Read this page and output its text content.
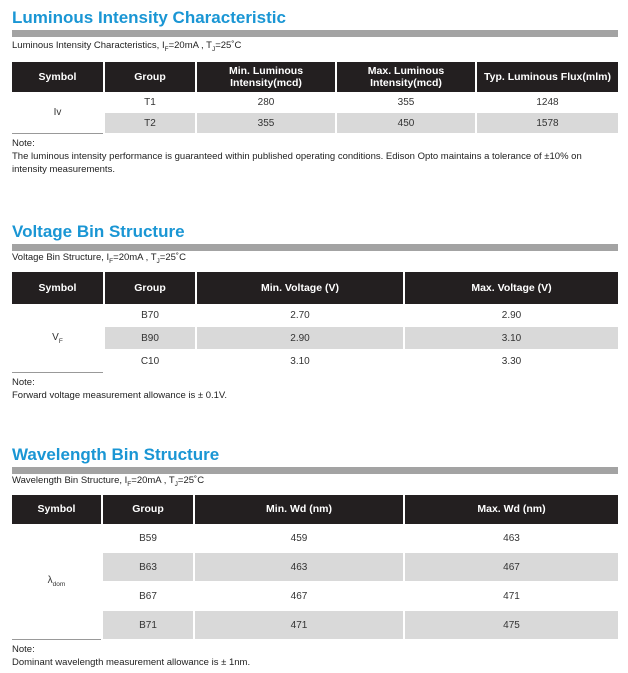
Luminous Intensity Characteristic
Luminous Intensity Characteristics, $I_F=20mA$ , $T_J=25˚C$
Symbol	Group	Min. Luminous Intensity(mcd)	Max. Luminous Intensity(mcd)	Typ. Luminous Flux(mlm)
Iv	T1	280	355	1248
	T2	355	450	1578
Note:
The luminous intensity performance is guaranteed within published operating conditions. Edison Opto maintains a tolerance of ±10% on intensity measurements.
Voltage Bin Structure
Voltage Bin Structure, $I_F=20mA$ , $T_J=25˚C$
Symbol	Group	Min. Voltage (V)	Max. Voltage (V)
$V_F$	B70	2.70	2.90
	B90	2.90	3.10
	C10	3.10	3.30
Note:
Forward voltage measurement allowance is ± 0.1V.
Wavelength Bin Structure
Wavelength Bin Structure, $I_F=20mA$ , $T_J=25˚C$
Symbol	Group	Min. Wd (nm)	Max. Wd (nm)
$\lambda_{dom}$	B59	459	463
	B63	463	467
	B67	467	471
	B71	471	475
Note:
Dominant wavelength measurement allowance is ± 1nm.
